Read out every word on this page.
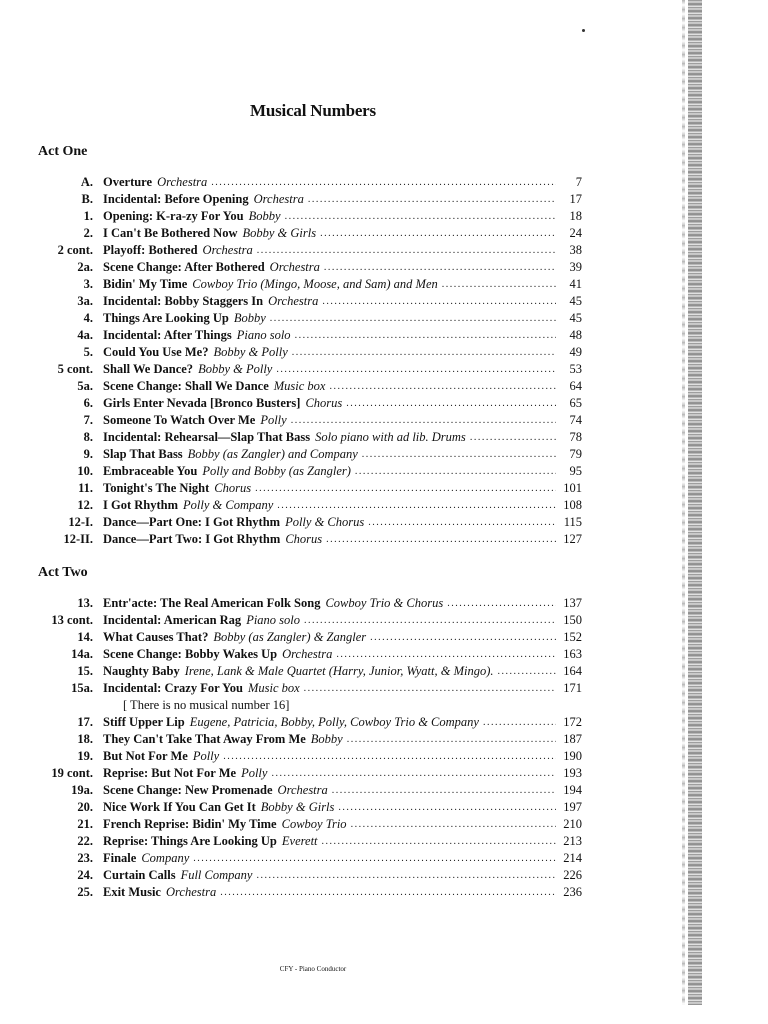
Musical Numbers
Act One
A. Overture Orchestra .....	7
B. Incidental: Before Opening Orchestra .....	17
1. Opening: K-ra-zy For You Bobby .....	18
2. I Can't Be Bothered Now Bobby & Girls .....	24
2 cont. Playoff: Bothered Orchestra .....	38
2a. Scene Change: After Bothered Orchestra .....	39
3. Bidin' My Time Cowboy Trio (Mingo, Moose, and Sam) and Men .....	41
3a. Incidental: Bobby Staggers In Orchestra .....	45
4. Things Are Looking Up Bobby .....	45
4a. Incidental: After Things Piano solo .....	48
5. Could You Use Me? Bobby & Polly .....	49
5 cont. Shall We Dance? Bobby & Polly .....	53
5a. Scene Change: Shall We Dance Music box .....	64
6. Girls Enter Nevada [Bronco Busters] Chorus .....	65
7. Someone To Watch Over Me Polly .....	74
8. Incidental: Rehearsal—Slap That Bass Solo piano with ad lib. Drums .....	78
9. Slap That Bass Bobby (as Zangler) and Company .....	79
10. Embraceable You Polly and Bobby (as Zangler) .....	95
11. Tonight's The Night Chorus .....	101
12. I Got Rhythm Polly & Company .....	108
12-I. Dance—Part One: I Got Rhythm Polly & Chorus .....	115
12-II. Dance—Part Two: I Got Rhythm Chorus .....	127
Act Two
13. Entr'acte: The Real American Folk Song Cowboy Trio & Chorus .....	137
13 cont. Incidental: American Rag Piano solo .....	150
14. What Causes That? Bobby (as Zangler) & Zangler .....	152
14a. Scene Change: Bobby Wakes Up Orchestra .....	163
15. Naughty Baby Irene, Lank & Male Quartet (Harry, Junior, Wyatt, & Mingo). .....	164
15a. Incidental: Crazy For You Music box .....	171
[ There is no musical number 16]
17. Stiff Upper Lip Eugene, Patricia, Bobby, Polly, Cowboy Trio & Company .....	172
18. They Can't Take That Away From Me Bobby .....	187
19. But Not For Me Polly .....	190
19 cont. Reprise: But Not For Me Polly .....	193
19a. Scene Change: New Promenade Orchestra .....	194
20. Nice Work If You Can Get It Bobby & Girls .....	197
21. French Reprise: Bidin' My Time Cowboy Trio .....	210
22. Reprise: Things Are Looking Up Everett .....	213
23. Finale Company .....	214
24. Curtain Calls Full Company .....	226
25. Exit Music Orchestra .....	236
CFY - Piano Conductor
